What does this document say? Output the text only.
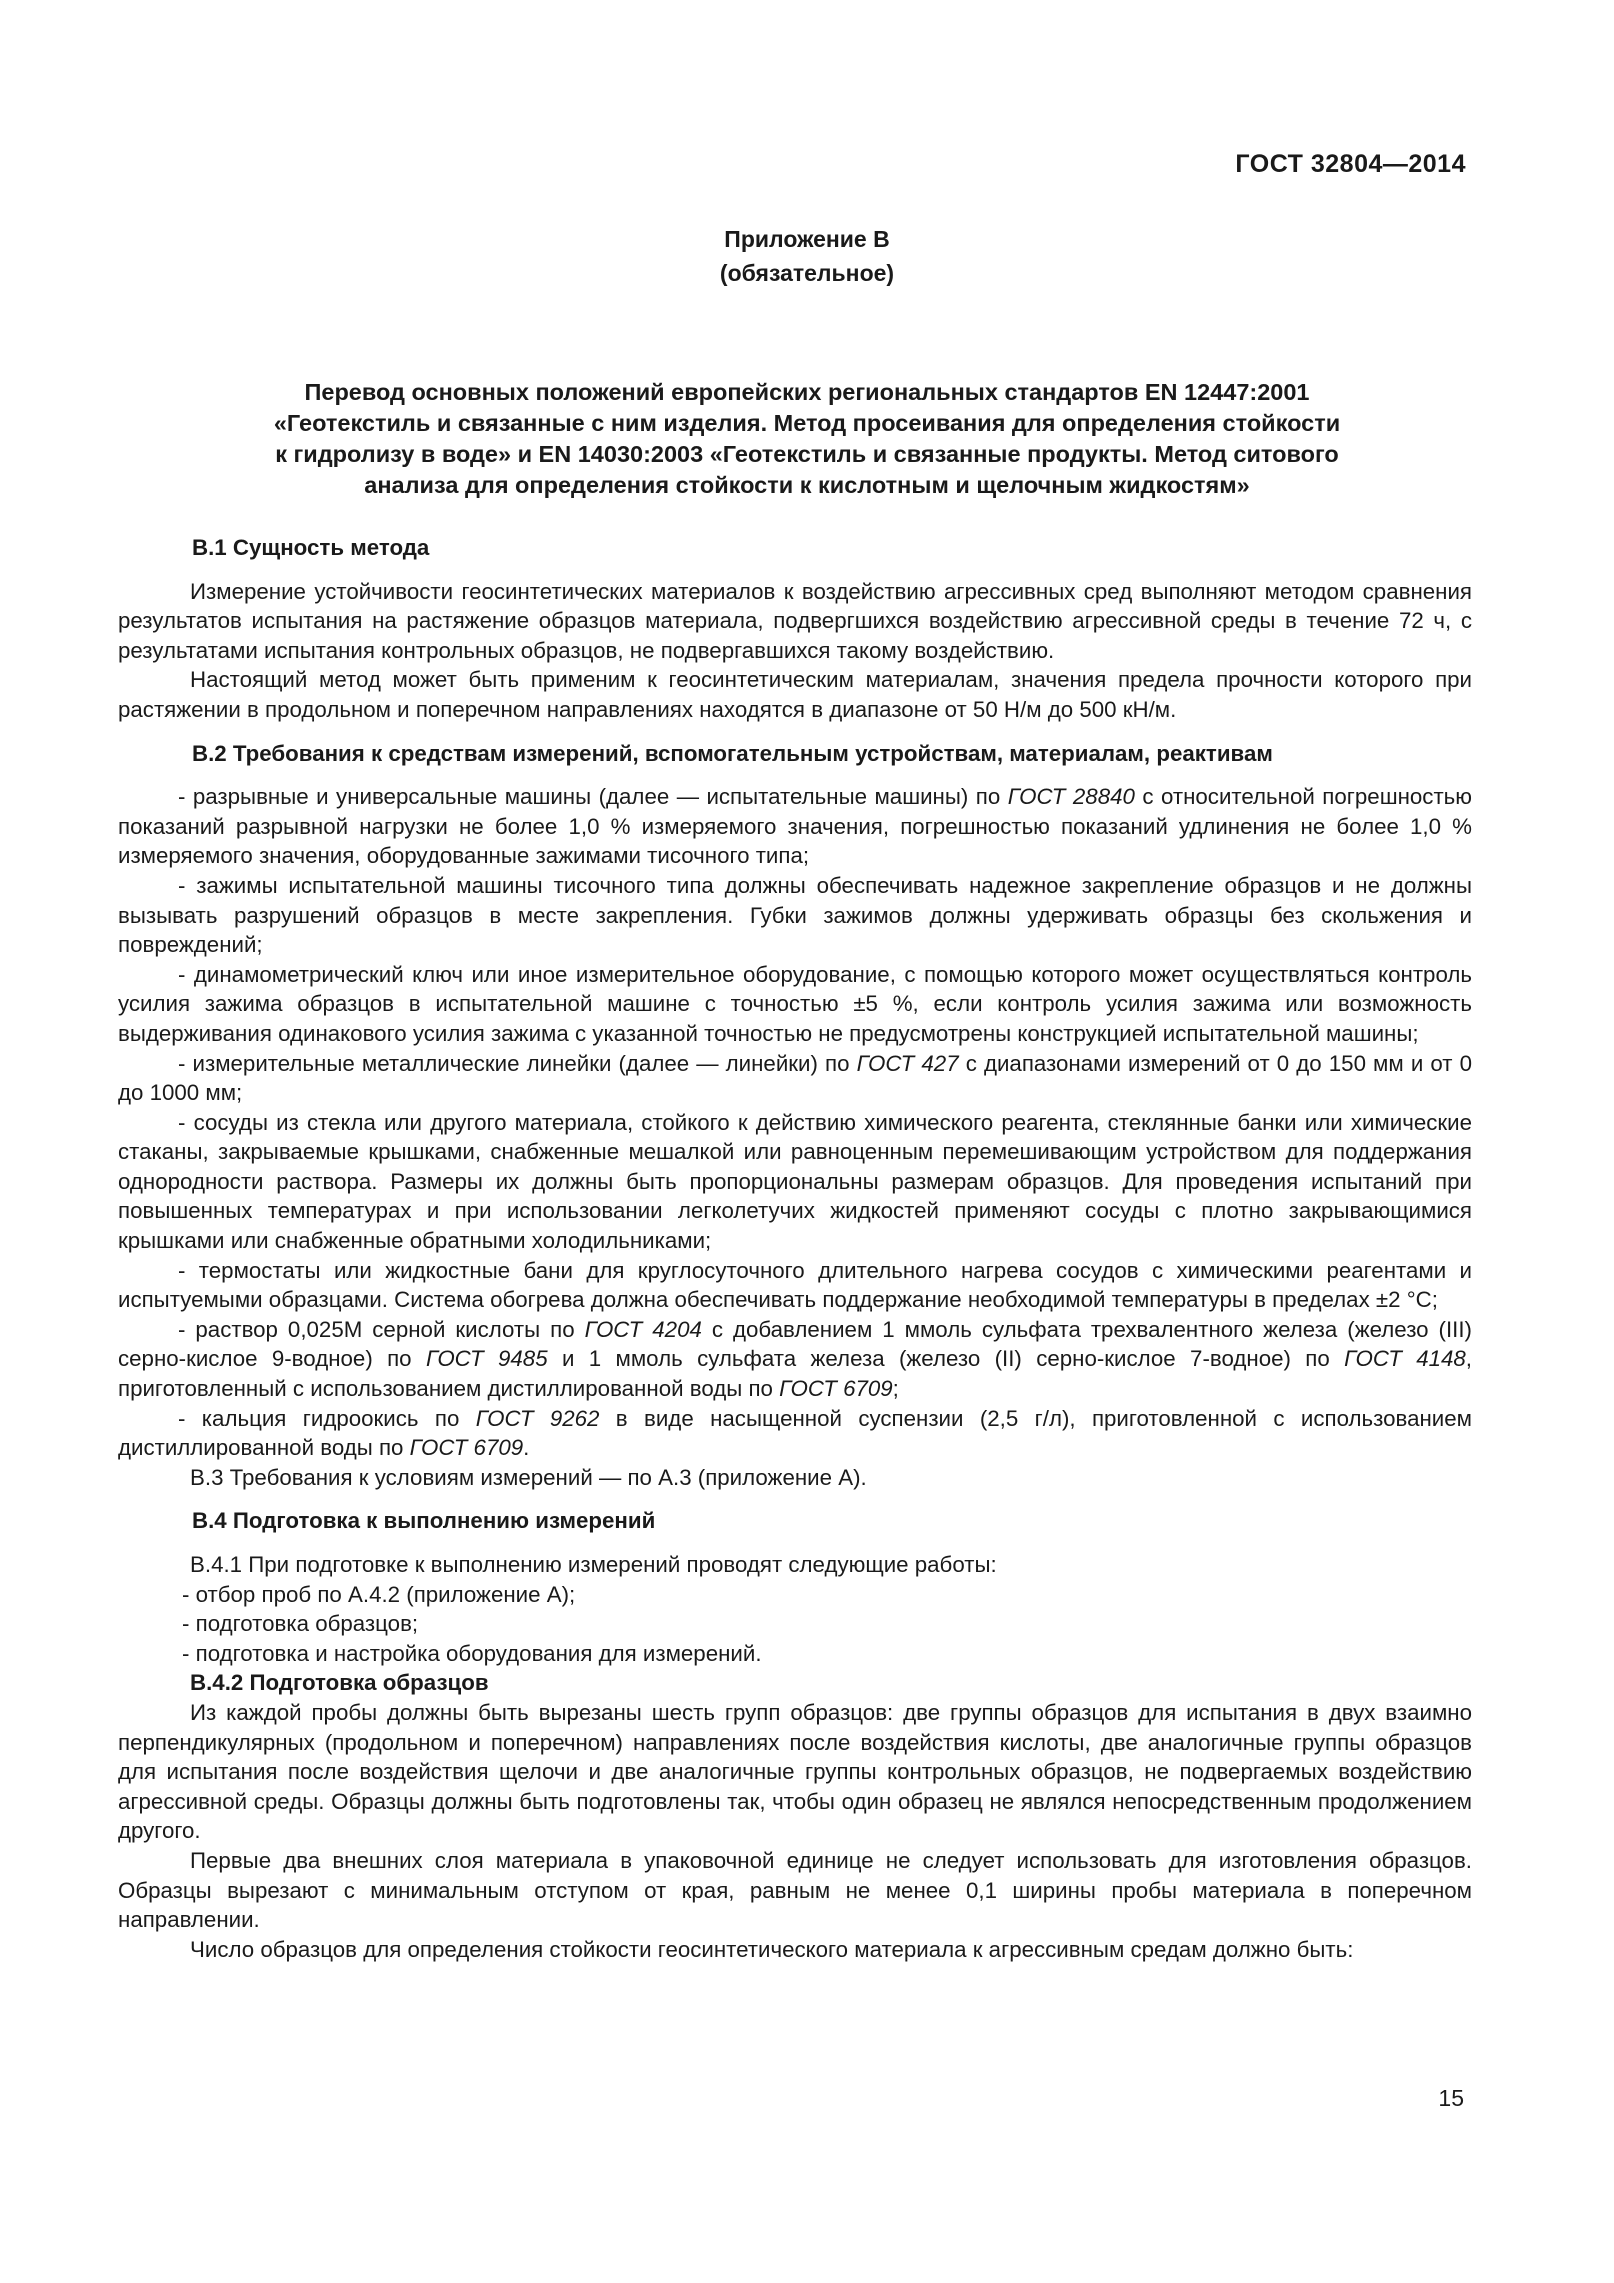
ГОСТ 32804—2014
Приложение В
(обязательное)
Перевод основных положений европейских региональных стандартов EN 12447:2001
«Геотекстиль и связанные с ним изделия. Метод просеивания для определения стойкости
к гидролизу в воде» и EN 14030:2003 «Геотекстиль и связанные продукты. Метод ситового
анализа для определения стойкости к кислотным и щелочным жидкостям»

В.1 Сущность метода

Измерение устойчивости геосинтетических материалов к воздействию агрессивных сред выполняют методом сравнения результатов испытания на растяжение образцов материала, подвергшихся воздействию агрессивной среды в течение 72 ч, с результатами испытания контрольных образцов, не подвергавшихся такому воздействию.

Настоящий метод может быть применим к геосинтетическим материалам, значения предела прочности которого при растяжении в продольном и поперечном направлениях находятся в диапазоне от 50 Н/м до 500 кН/м.

В.2 Требования к средствам измерений, вспомогательным устройствам, материалам, реактивам

- разрывные и универсальные машины (далее — испытательные машины) по ГОСТ 28840 с относительной погрешностью показаний разрывной нагрузки не более 1,0 % измеряемого значения, погрешностью показаний удлинения не более 1,0 % измеряемого значения, оборудованные зажимами тисочного типа;

- зажимы испытательной машины тисочного типа должны обеспечивать надежное закрепление образцов и не должны вызывать разрушений образцов в месте закрепления. Губки зажимов должны удерживать образцы без скольжения и повреждений;

- динамометрический ключ или иное измерительное оборудование, с помощью которого может осуществляться контроль усилия зажима образцов в испытательной машине с точностью ±5 %, если контроль усилия зажима или возможность выдерживания одинакового усилия зажима с указанной точностью не предусмотрены конструкцией испытательной машины;

- измерительные металлические линейки (далее — линейки) по ГОСТ 427 с диапазонами измерений от 0 до 150 мм и от 0 до 1000 мм;

- сосуды из стекла или другого материала, стойкого к действию химического реагента, стеклянные банки или химические стаканы, закрываемые крышками, снабженные мешалкой или равноценным перемешивающим устройством для поддержания однородности раствора. Размеры их должны быть пропорциональны размерам образцов. Для проведения испытаний при повышенных температурах и при использовании легколетучих жидкостей применяют сосуды с плотно закрывающимися крышками или снабженные обратными холодильниками;

- термостаты или жидкостные бани для круглосуточного длительного нагрева сосудов с химическими реагентами и испытуемыми образцами. Система обогрева должна обеспечивать поддержание необходимой температуры в пределах ±2 °C;

- раствор 0,025М серной кислоты по ГОСТ 4204 с добавлением 1 ммоль сульфата трехвалентного железа (железо (III) серно-кислое 9-водное) по ГОСТ 9485 и 1 ммоль сульфата железа (железо (II) серно-кислое 7-водное) по ГОСТ 4148, приготовленный с использованием дистиллированной воды по ГОСТ 6709;

- кальция гидроокись по ГОСТ 9262 в виде насыщенной суспензии (2,5 г/л), приготовленной с использованием дистиллированной воды по ГОСТ 6709.

В.3 Требования к условиям измерений — по А.3 (приложение А).

В.4 Подготовка к выполнению измерений

В.4.1 При подготовке к выполнению измерений проводят следующие работы:

- отбор проб по А.4.2 (приложение А);

- подготовка образцов;

- подготовка и настройка оборудования для измерений.

В.4.2 Подготовка образцов

Из каждой пробы должны быть вырезаны шесть групп образцов: две группы образцов для испытания в двух взаимно перпендикулярных (продольном и поперечном) направлениях после воздействия кислоты, две аналогичные группы образцов для испытания после воздействия щелочи и две аналогичные группы контрольных образцов, не подвергаемых воздействию агрессивной среды. Образцы должны быть подготовлены так, чтобы один образец не являлся непосредственным продолжением другого.

Первые два внешних слоя материала в упаковочной единице не следует использовать для изготовления образцов. Образцы вырезают с минимальным отступом от края, равным не менее 0,1 ширины пробы материала в поперечном направлении.

Число образцов для определения стойкости геосинтетического материала к агрессивным средам должно быть:

15
